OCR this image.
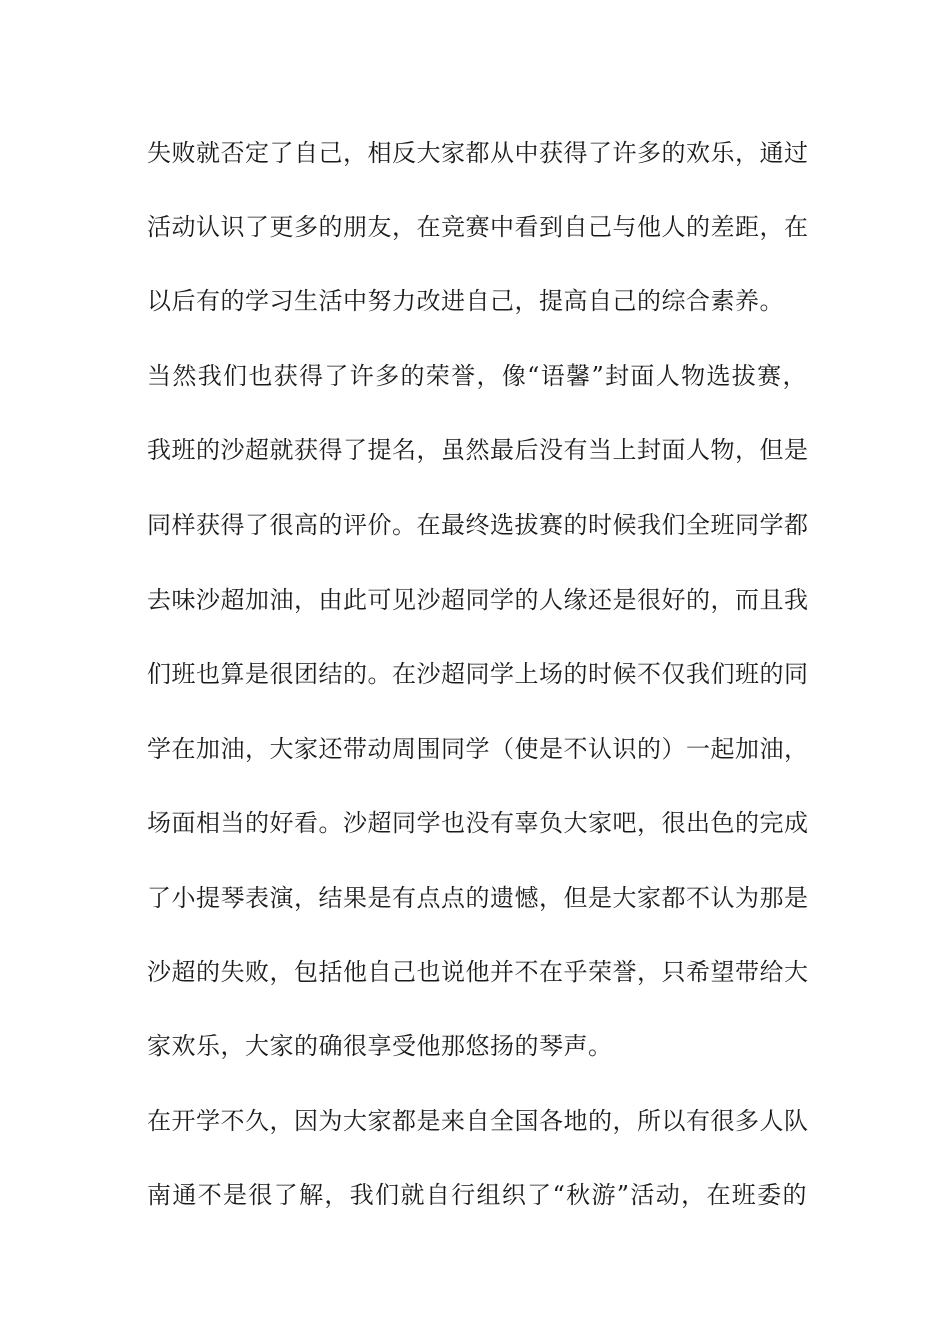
失败就否定了自己，相反大家都从中获得了许多的欢乐，通过
活动认识了更多的朋友，在竞赛中看到自己与他人的差距，在
以后有的学习生活中努力改进自己，提高自己的综合素养。
当然我们也获得了许多的荣誉，像“语馨”封面人物选拔赛，
我班的沙超就获得了提名，虽然最后没有当上封面人物，但是
同样获得了很高的评价。在最终选拔赛的时候我们全班同学都
去味沙超加油，由此可见沙超同学的人缘还是很好的，而且我
们班也算是很团结的。在沙超同学上场的时候不仅我们班的同
学在加油，大家还带动周围同学（使是不认识的）一起加油，
场面相当的好看。沙超同学也没有辜负大家吧，很出色的完成
了小提琴表演，结果是有点点的遗憾，但是大家都不认为那是
沙超的失败，包括他自己也说他并不在乎荣誉，只希望带给大
家欢乐，大家的确很享受他那悠扬的琴声。
在开学不久，因为大家都是来自全国各地的，所以有很多人队
南通不是很了解，我们就自行组织了“秋游”活动，在班委的
